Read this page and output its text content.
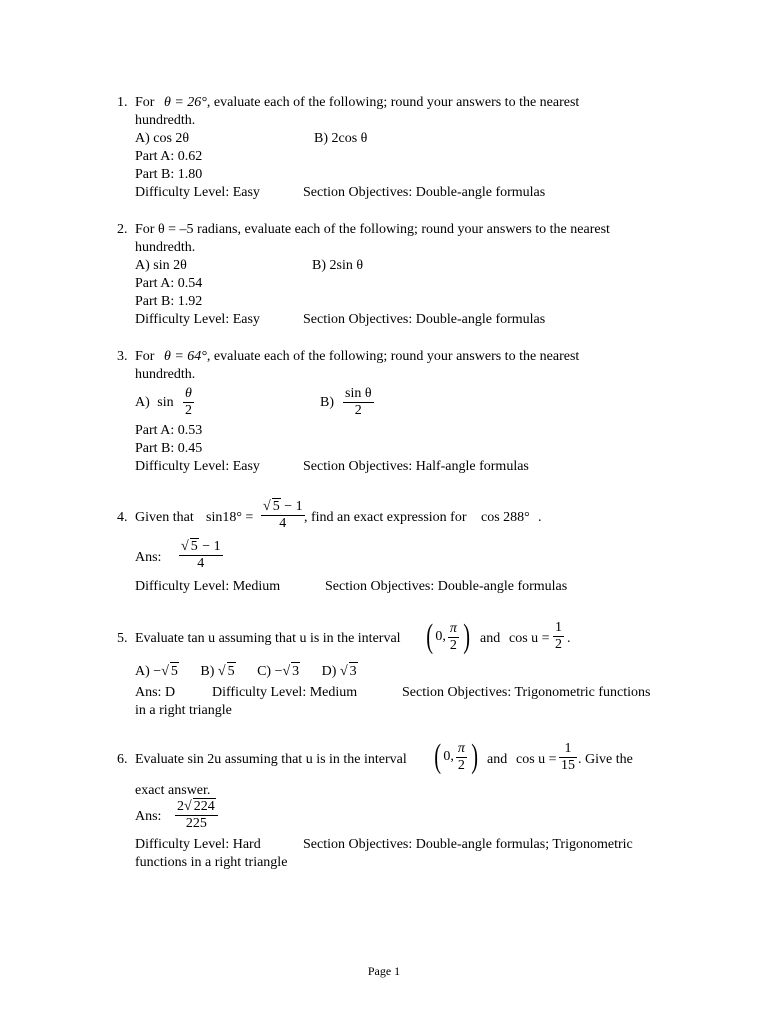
1. For θ = 26°, evaluate each of the following; round your answers to the nearest
hundredth.
A) cos 2θ	B) 2cos θ
Part A: 0.62
Part B: 1.80
Difficulty Level: Easy	Section Objectives: Double-angle formulas
2. For θ = –5 radians, evaluate each of the following; round your answers to the nearest
hundredth.
A) sin 2θ	B) 2sin θ
Part A: 0.54
Part B: 1.92
Difficulty Level: Easy	Section Objectives: Double-angle formulas
3. For θ = 64°, evaluate each of the following; round your answers to the nearest
hundredth.
A) $\sin \frac{\theta}{2}$	$B) \frac{\text{sin θ}}{2}$
Part A: 0.53
Part B: 0.45
Difficulty Level: Easy	Section Objectives: Half-angle formulas
4. Given that $\sin 18^\circ = \frac{√ 5 - 1}{4}$ , find an exact expression for cos 288° .
Ans: $\frac{√ 5 - 1}{4}$
Difficulty Level: Medium	Section Objectives: Double-angle formulas
5. Evaluate tan u assuming that u is in the interval ( 0, $\frac{\pi}{2}$ ) and $\cos u = \frac{1}{2}$ .
A) −√ 5 B) √ 5 C) −√ 3 D) √ 3
Ans: D	Difficulty Level: Medium	Section Objectives: Trigonometric functions
in a right triangle
6. Evaluate sin 2u assuming that u is in the interval ( 0, $\frac{\pi}{2}$ ) and $\cos u = \frac{1}{15}$ . Give the
exact answer.
Ans: $\frac{2√ 224}{225}$
Difficulty Level: Hard	Section Objectives: Double-angle formulas; Trigonometric
functions in a right triangle
Page 1
